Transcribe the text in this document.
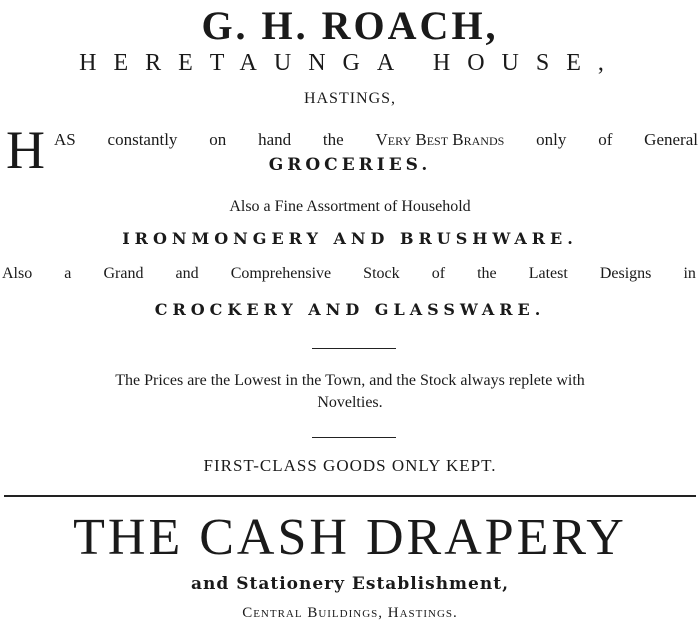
G. H. ROACH,
HERETAUNGA HOUSE,
HASTINGS,
H AS constantly on hand the Very Best Brands only of General
GROCERIES.
Also a Fine Assortment of Household
IRONMONGERY AND BRUSHWARE.
Also a Grand and Comprehensive Stock of the Latest Designs in
CROCKERY AND GLASSWARE.
The Prices are the Lowest in the Town, and the Stock always replete with
Novelties.
FIRST-CLASS GOODS ONLY KEPT.
THE CASH DRAPERY
and Stationery Establishment,
Central Buildings, Hastings.
